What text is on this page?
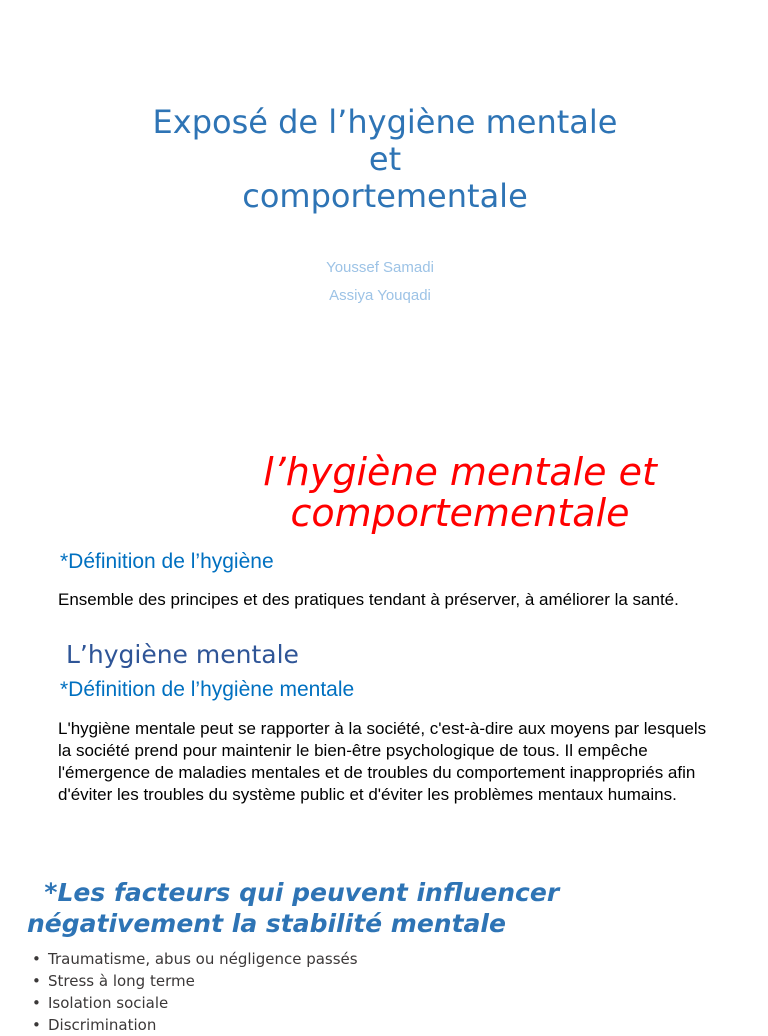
Exposé de l’hygiène mentale
et
comportementale
Youssef Samadi
Assiya Youqadi
l’hygiène mentale et
comportementale
*Définition de l’hygiène
Ensemble des principes et des pratiques tendant à préserver, à améliorer la santé.
L’hygiène mentale
*Définition de l’hygiène mentale
L'hygiène mentale peut se rapporter à la société, c'est-à-dire aux moyens par lesquels la société prend pour maintenir le bien-être psychologique de tous. Il empêche l'émergence de maladies mentales et de troubles du comportement inappropriés afin d'éviter les troubles du système public et d'éviter les problèmes mentaux humains.
*Les facteurs qui peuvent influencer
négativement la stabilité mentale
• Traumatisme, abus ou négligence passés
• Stress à long terme
• Isolation sociale
• Discrimination
